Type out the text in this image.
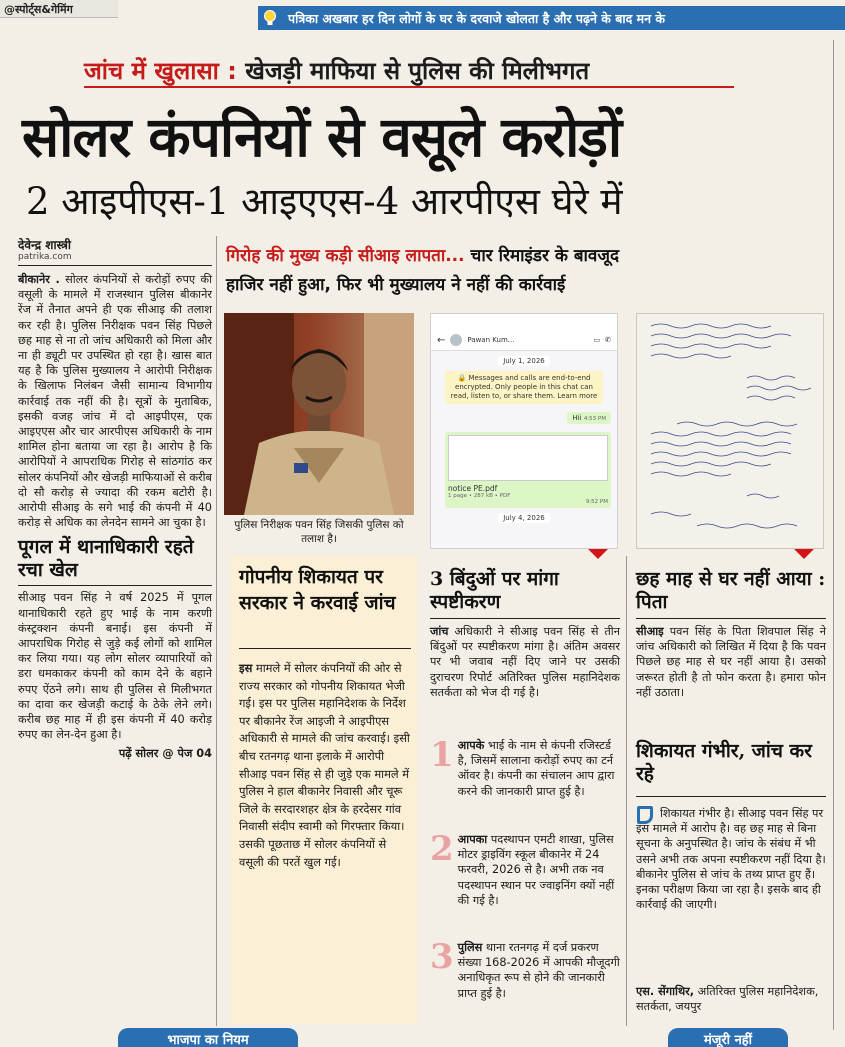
@स्पोर्ट्स&गेमिंग
पत्रिका अखबार हर दिन लोगों के घर के दरवाजे खोलता है और पढ़ने के बाद मन के
जांच में खुलासा : खेजड़ी माफिया से पुलिस की मिलीभगत
सोलर कंपनियों से वसूले करोड़ों
2 आइपीएस-1 आइएएस-4 आरपीएस घेरे में
देवेन्द्र शास्त्री
patrika.com	गिरोह की मुख्य कड़ी सीआइ लापता... चार रिमाइंडर के बावजूद
हाजिर नहीं हुआ, फिर भी मुख्यालय ने नहीं की कार्रवाई

बीकानेर . सोलर कंपनियों से करोड़ों रुपए की वसूली के मामले में राजस्थान पुलिस बीकानेर रेंज में तैनात अपने ही एक सीआइ की तलाश कर रही है। पुलिस निरीक्षक पवन सिंह पिछले छह माह से ना तो जांच अधिकारी को मिला और ना ही ड्यूटी पर उपस्थित हो रहा है। खास बात यह है कि पुलिस मुख्यालय ने आरोपी निरीक्षक के खिलाफ निलंबन जैसी सामान्य विभागीय कार्रवाई तक नहीं की है। सूत्रों के मुताबिक, इसकी वजह जांच में दो आइपीएस, एक आइएएस और चार आरपीएस अधिकारी के नाम शामिल होना बताया जा रहा है। आरोप है कि आरोपियों ने आपराधिक गिरोह से सांठगांठ कर सोलर कंपनियों और खेजड़ी माफियाओं से करीब दो सौ करोड़ से ज्यादा की रकम बटोरी है। आरोपी सीआइ के सगे भाई की कंपनी में 40 करोड़ से अधिक का लेनदेन सामने आ चुका है।

पूगल में थानाधिकारी रहते रचा खेल

सीआइ पवन सिंह ने वर्ष 2025 में पूगल थानाधिकारी रहते हुए भाई के नाम करणी कंस्ट्रक्शन कंपनी बनाई। इस कंपनी में आपराधिक गिरोह से जुड़े कई लोगों को शामिल कर लिया गया। यह लोग सोलर व्यापारियों को डरा धमकाकर कंपनी को काम देने के बहाने रुपए ऐंठने लगे। साथ ही पुलिस से मिलीभगत का दावा कर खेजड़ी कटाई के ठेके लेने लगे। करीब छह माह में ही इस कंपनी में 40 करोड़ रुपए का लेन-देन हुआ है।

पढ़ें सोलर @ पेज 04

पुलिस निरीक्षक पवन सिंह जिसकी पुलिस को तलाश है।
←	Pawan Kum...	▭ ✆
July 1, 2026
🔒 Messages and calls are end-to-end encrypted. Only people in this chat can read, listen to, or share them. Learn more
Hii 4:53 PM
notice PE.pdf
1 page • 287 kB • PDF
9:52 PM
July 4, 2026
गोपनीय शिकायत पर सरकार ने करवाई जांच

इस मामले में सोलर कंपनियों की ओर से राज्य सरकार को गोपनीय शिकायत भेजी गई। इस पर पुलिस महानिदेशक के निर्देश पर बीकानेर रेंज आइजी ने आइपीएस अधिकारी से मामले की जांच करवाई। इसी बीच रतनगढ़ थाना इलाके में आरोपी सीआइ पवन सिंह से ही जुड़े एक मामले में पुलिस ने हाल बीकानेर निवासी और चूरू जिले के सरदारशहर क्षेत्र के हरदेसर गांव निवासी संदीप स्वामी को गिरफ्तार किया। उसकी पूछताछ में सोलर कंपनियों से वसूली की परतें खुल गई।

3 बिंदुओं पर मांगा स्पष्टीकरण

जांच अधिकारी ने सीआइ पवन सिंह से तीन बिंदुओं पर स्पष्टीकरण मांगा है। अंतिम अवसर पर भी जवाब नहीं दिए जाने पर उसकी दुराचरण रिपोर्ट अतिरिक्त पुलिस महानिदेशक सतर्कता को भेज दी गई है।

1 आपके भाई के नाम से कंपनी रजिस्टर्ड है, जिसमें सालाना करोड़ों रुपए का टर्न ऑवर है। कंपनी का संचालन आप द्वारा करने की जानकारी प्राप्त हुई है।

2 आपका पदस्थापन एमटी शाखा, पुलिस मोटर ड्राइविंग स्कूल बीकानेर में 24 फरवरी, 2026 से है। अभी तक नव पदस्थापन स्थान पर ज्वाइनिंग क्यों नहीं की गई है।

3 पुलिस थाना रतनगढ़ में दर्ज प्रकरण संख्या 168-2026 में आपकी मौजूदगी अनाधिकृत रूप से होने की जानकारी प्राप्त हुई है।

छह माह से घर नहीं आया : पिता

सीआइ पवन सिंह के पिता शिवपाल सिंह ने जांच अधिकारी को लिखित में दिया है कि पवन पिछले छह माह से घर नहीं आया है। उसको जरूरत होती है तो फोन करता है। हमारा फोन नहीं उठाता।

शिकायत गंभीर, जांच कर रहे

शिकायत गंभीर है। सीआइ पवन सिंह पर इस मामले में आरोप है। वह छह माह से बिना सूचना के अनुपस्थित है। जांच के संबंध में भी उसने अभी तक अपना स्पष्टीकरण नहीं दिया है। बीकानेर पुलिस से जांच के तथ्य प्राप्त हुए हैं। इनका परीक्षण किया जा रहा है। इसके बाद ही कार्रवाई की जाएगी।

एस. सेंगाथिर, अतिरिक्त पुलिस महानिदेशक, सतर्कता, जयपुर

भाजपा का नियम	मंजूरी नहीं
